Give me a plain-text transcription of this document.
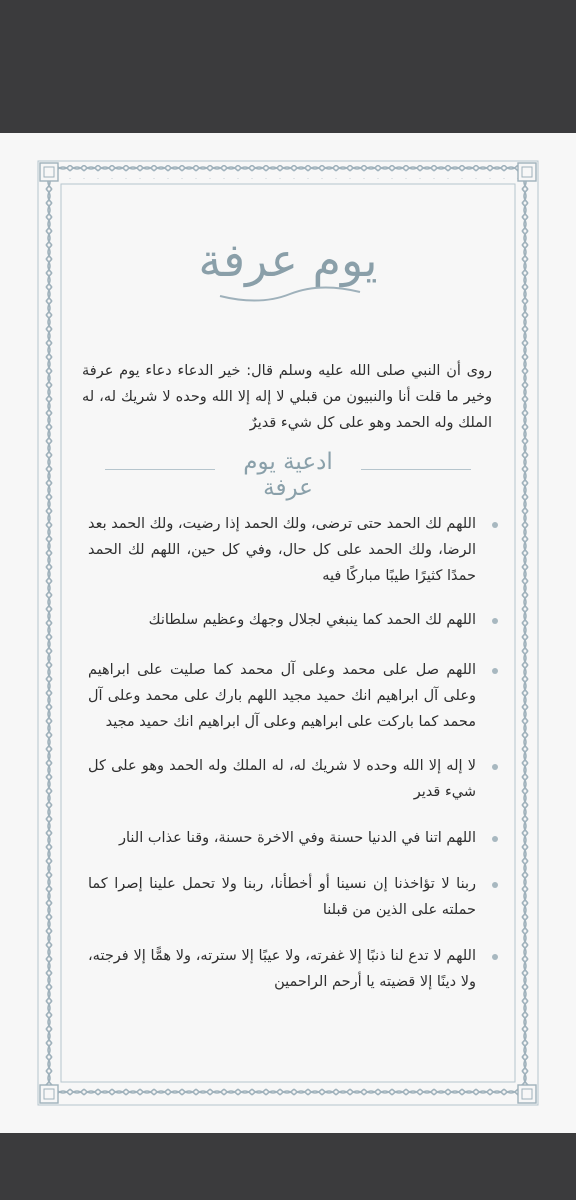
يوم عرفة

روى أن النبي صلى الله عليه وسلم قال: خير الدعاء دعاء يوم عرفة وخير ما قلت أنا والنبيون من قبلي لا إله إلا الله وحده لا شريك له، له الملك وله الحمد وهو على كل شيء قديرٌ

ادعية يوم عرفة
اللهم لك الحمد حتى ترضى، ولك الحمد إذا رضيت، ولك الحمد بعد الرضا، ولك الحمد على كل حال، وفي كل حين، اللهم لك الحمد حمدًا كثيرًا طيبًا مباركًا فيه
اللهم لك الحمد كما ينبغي لجلال وجهك وعظيم سلطانك
اللهم صل على محمد وعلى آل محمد كما صليت على ابراهيم وعلى آل ابراهيم انك حميد مجيد اللهم بارك على محمد وعلى آل محمد كما باركت على ابراهيم وعلى آل ابراهيم انك حميد مجيد
لا إله إلا الله وحده لا شريك له، له الملك وله الحمد وهو على كل شيء قدير
اللهم اتنا في الدنيا حسنة وفي الاخرة حسنة، وقنا عذاب النار
ربنا لا تؤاخذنا إن نسينا أو أخطأنا، ربنا ولا تحمل علينا إصرا كما حملته على الذين من قبلنا
اللهم لا تدع لنا ذنبًا إلا غفرته، ولا عيبًا إلا سترته، ولا همًّا إلا فرجته، ولا دينًا إلا قضيته يا أرحم الراحمين
